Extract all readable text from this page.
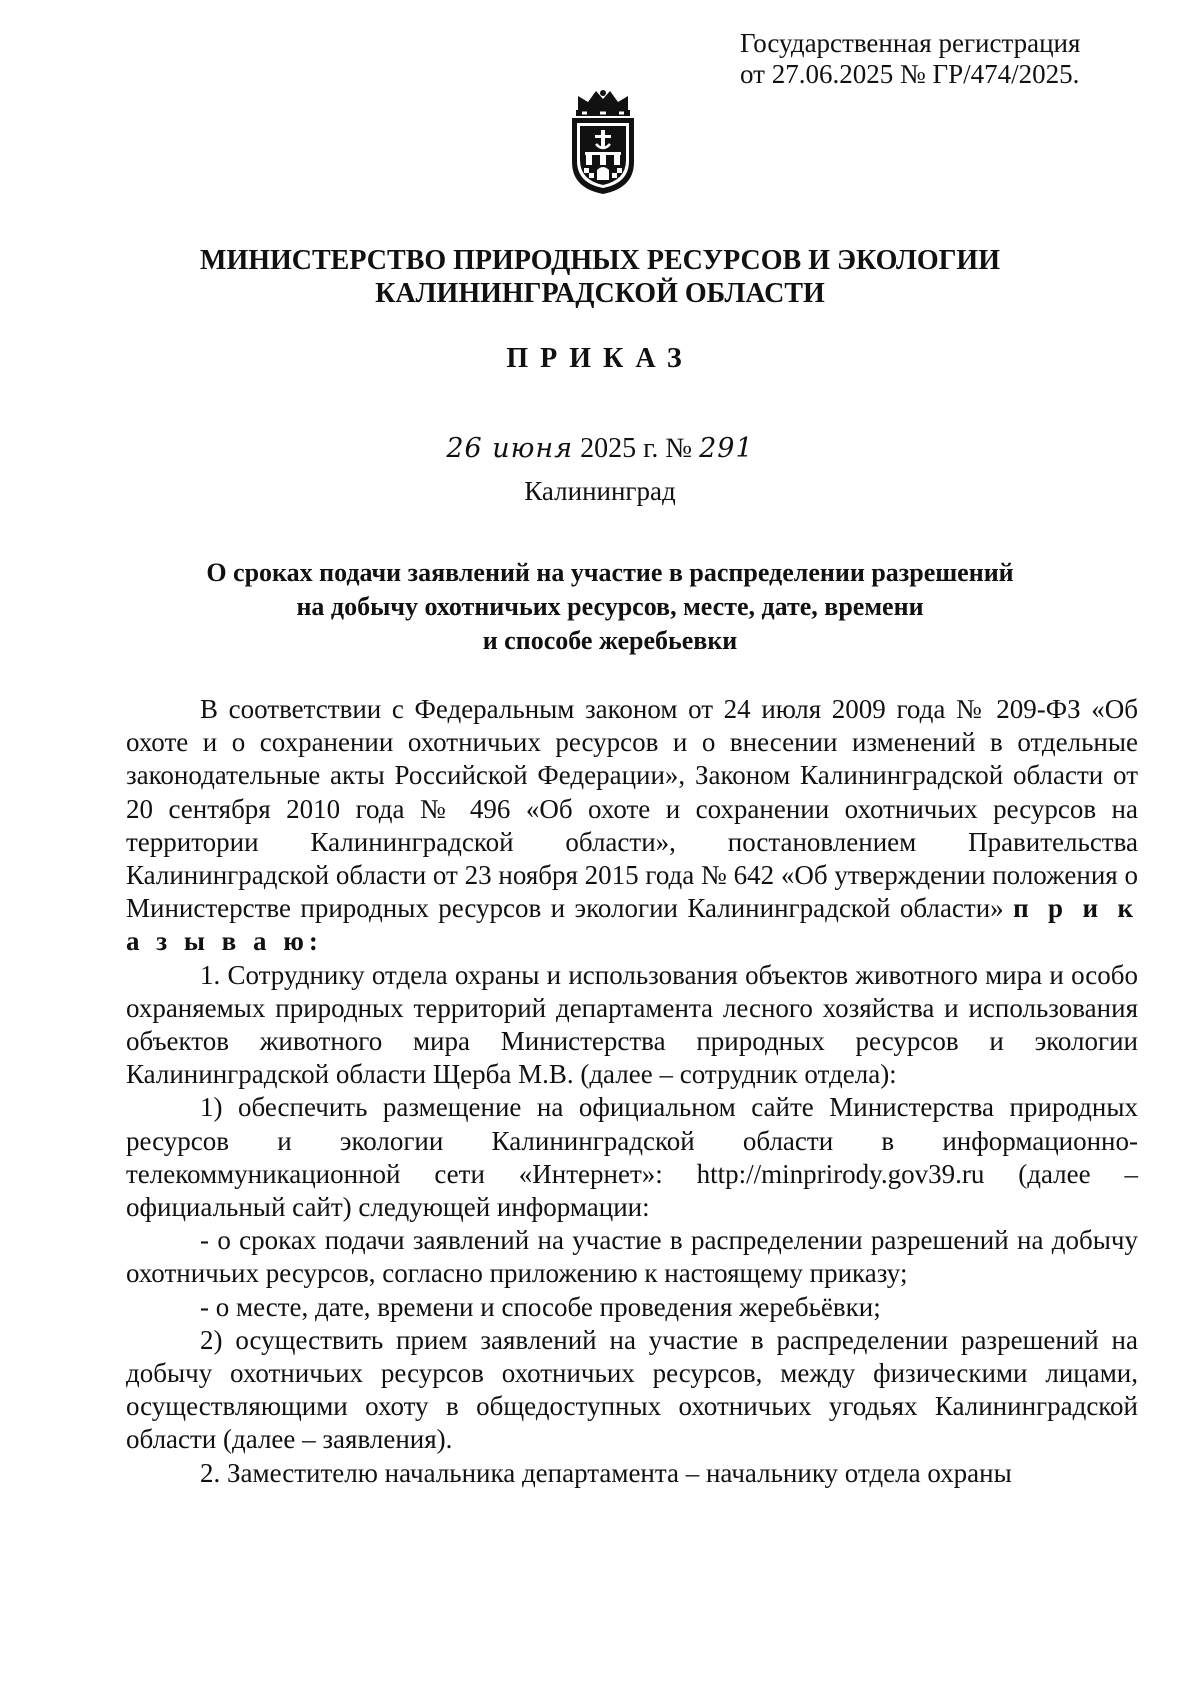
Государственная регистрация
от 27.06.2025 № ГР/474/2025.
МИНИСТЕРСТВО ПРИРОДНЫХ РЕСУРСОВ И ЭКОЛОГИИ
КАЛИНИНГРАДСКОЙ ОБЛАСТИ
ПРИКАЗ
26 июня 2025 г. № 291
Калининград
О сроках подачи заявлений на участие в распределении разрешений
на добычу охотничьих ресурсов, месте, дате, времени
и способе жеребьевки

В соответствии с Федеральным законом от 24 июля 2009 года № 209-ФЗ «Об охоте и о сохранении охотничьих ресурсов и о внесении изменений в отдельные законодательные акты Российской Федерации», Законом Калининградской области от 20 сентября 2010 года № 496 «Об охоте и сохранении охотничьих ресурсов на территории Калининградской области», постановлением Правительства Калининградской области от 23 ноября 2015 года № 642 «Об утверждении положения о Министерстве природных ресурсов и экологии Калининградской области» п р и к а з ы в а ю:

1. Сотруднику отдела охраны и использования объектов животного мира и особо охраняемых природных территорий департамента лесного хозяйства и использования объектов животного мира Министерства природных ресурсов и экологии Калининградской области Щерба М.В. (далее – сотрудник отдела):

1) обеспечить размещение на официальном сайте Министерства природных ресурсов и экологии Калининградской области в информационно-телекоммуникационной сети «Интернет»: http://minprirody.gov39.ru (далее – официальный сайт) следующей информации:

- о сроках подачи заявлений на участие в распределении разрешений на добычу охотничьих ресурсов, согласно приложению к настоящему приказу;

- о месте, дате, времени и способе проведения жеребьёвки;

2) осуществить прием заявлений на участие в распределении разрешений на добычу охотничьих ресурсов охотничьих ресурсов, между физическими лицами, осуществляющими охоту в общедоступных охотничьих угодьях Калининградской области (далее – заявления).

2. Заместителю начальника департамента – начальнику отдела охраны
